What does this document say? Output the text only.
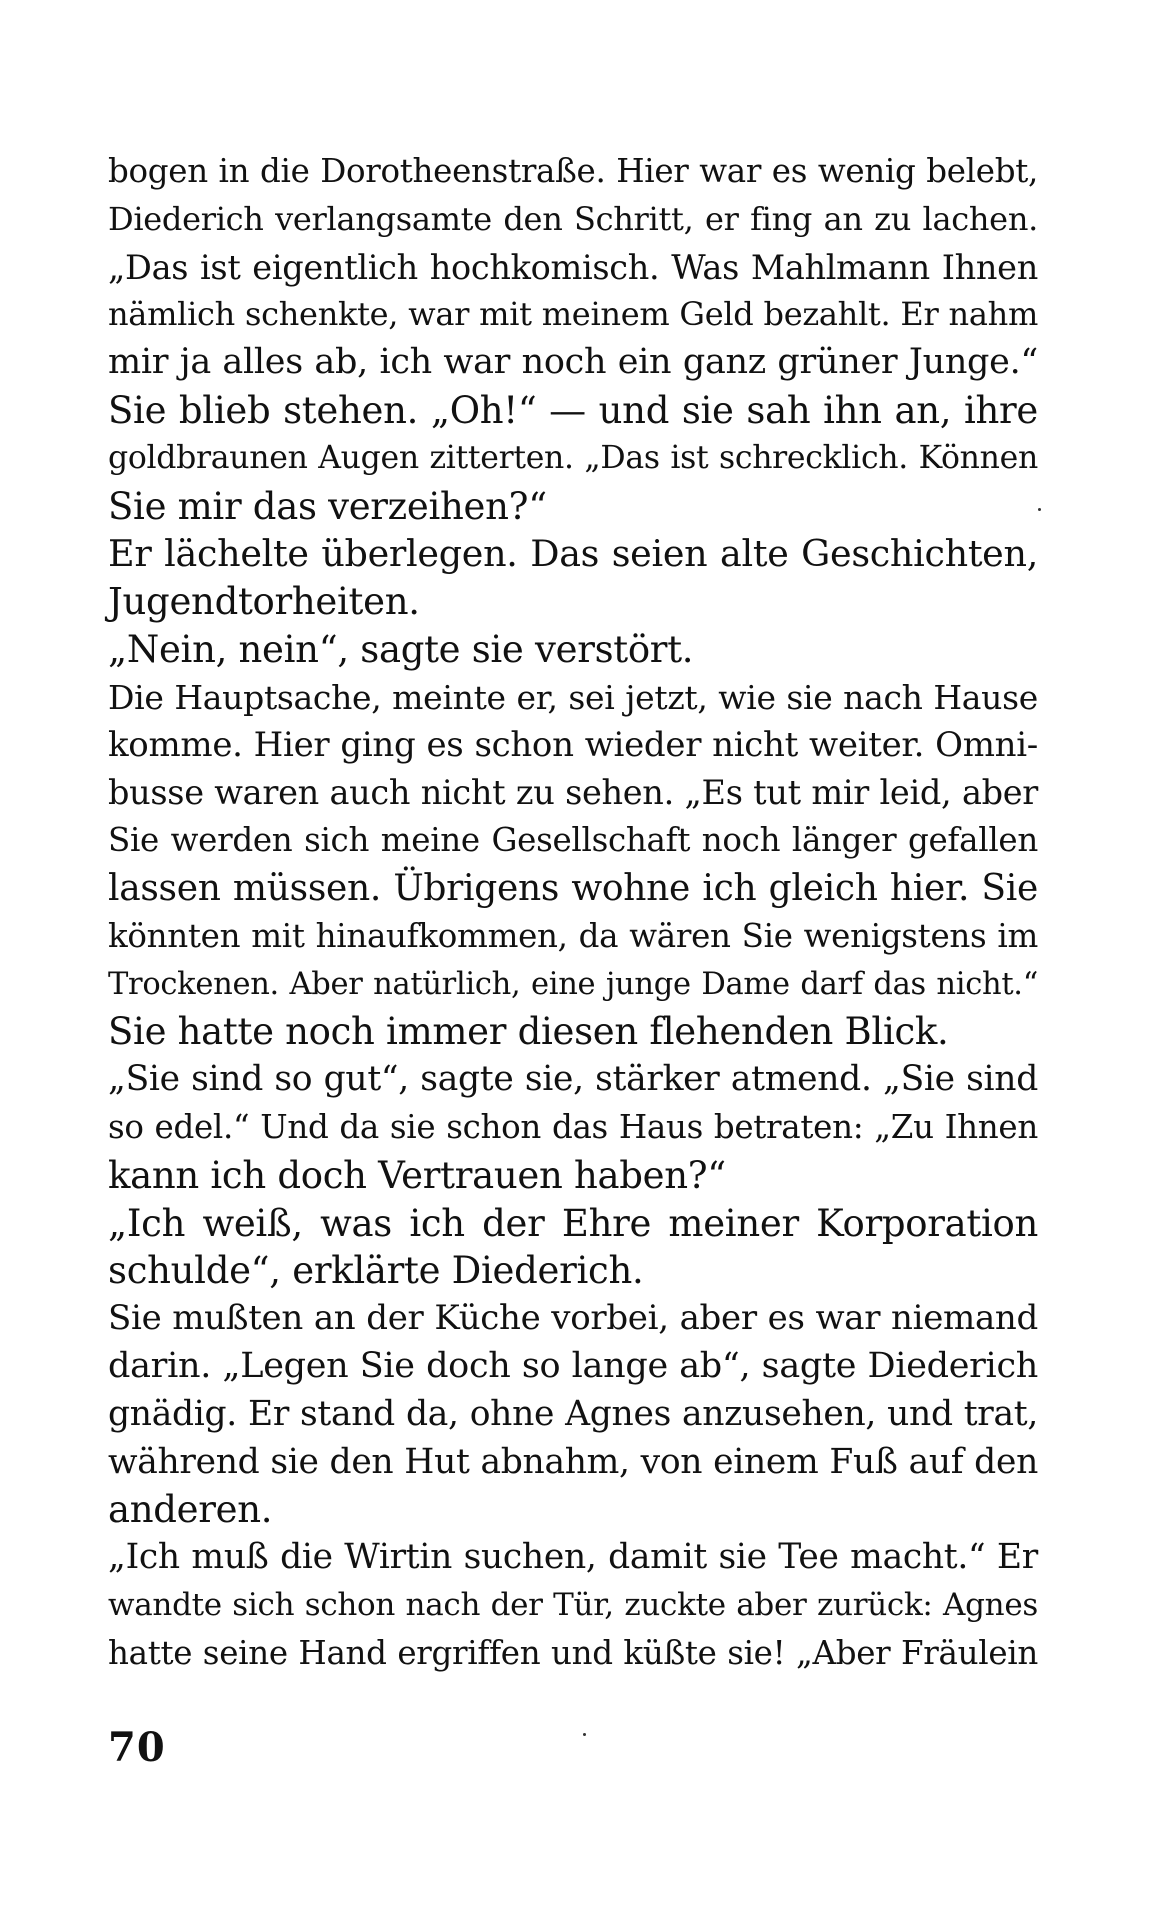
bogen in die Dorotheenstraße. Hier war es wenig belebt,
Diederich verlangsamte den Schritt, er fing an zu lachen.
„Das ist eigentlich hochkomisch. Was Mahlmann Ihnen
nämlich schenkte, war mit meinem Geld bezahlt. Er nahm
mir ja alles ab, ich war noch ein ganz grüner Junge.“
Sie blieb stehen. „Oh!“ — und sie sah ihn an, ihre
goldbraunen Augen zitterten. „Das ist schrecklich. Können
Sie mir das verzeihen?“
Er lächelte überlegen. Das seien alte Geschichten,
Jugendtorheiten.
„Nein, nein“, sagte sie verstört.
Die Hauptsache, meinte er, sei jetzt, wie sie nach Hause
komme. Hier ging es schon wieder nicht weiter. Omni-
busse waren auch nicht zu sehen. „Es tut mir leid, aber
Sie werden sich meine Gesellschaft noch länger gefallen
lassen müssen. Übrigens wohne ich gleich hier. Sie
könnten mit hinaufkommen, da wären Sie wenigstens im
Trockenen. Aber natürlich, eine junge Dame darf das nicht.“
Sie hatte noch immer diesen flehenden Blick.
„Sie sind so gut“, sagte sie, stärker atmend. „Sie sind
so edel.“ Und da sie schon das Haus betraten: „Zu Ihnen
kann ich doch Vertrauen haben?“
„Ich weiß, was ich der Ehre meiner Korporation
schulde“, erklärte Diederich.
Sie mußten an der Küche vorbei, aber es war niemand
darin. „Legen Sie doch so lange ab“, sagte Diederich
gnädig. Er stand da, ohne Agnes anzusehen, und trat,
während sie den Hut abnahm, von einem Fuß auf den
anderen.
„Ich muß die Wirtin suchen, damit sie Tee macht.“ Er
wandte sich schon nach der Tür, zuckte aber zurück: Agnes
hatte seine Hand ergriffen und küßte sie! „Aber Fräulein
70
